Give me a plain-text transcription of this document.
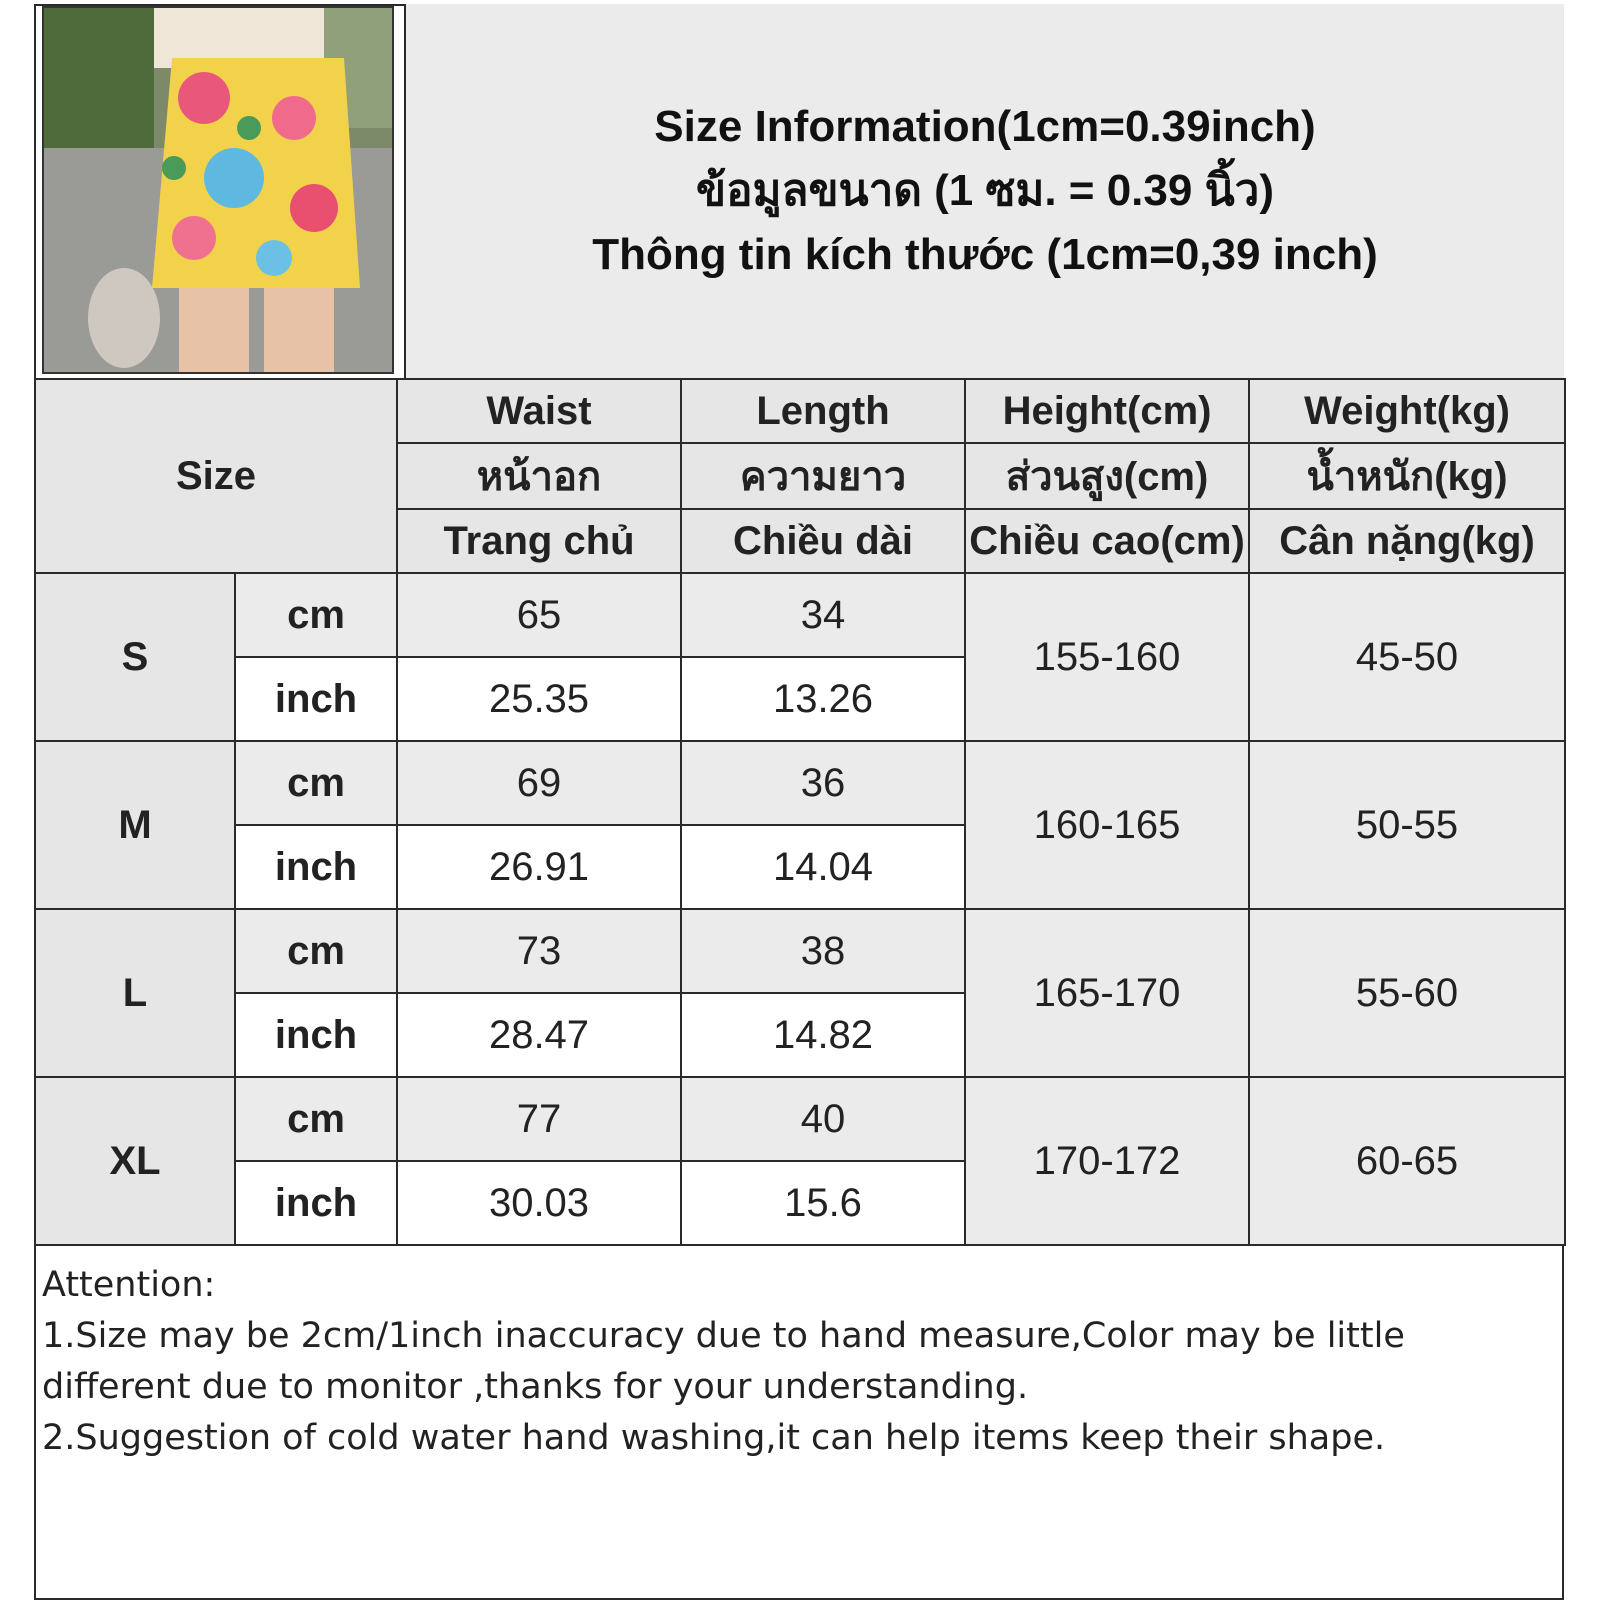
Size Information(1cm=0.39inch)
ข้อมูลขนาด (1 ซม. = 0.39 นิ้ว)
Thông tin kích thước (1cm=0,39 inch)
Size		Waist	Length	Height(cm)	Weight(kg)
		หน้าอก	ความยาว	ส่วนสูง(cm)	น้ำหนัก(kg)
		Trang chủ	Chiều dài	Chiều cao(cm)	Cân nặng(kg)
S	cm	65	34	155-160	45-50
	inch	25.35	13.26		
M	cm	69	36	160-165	50-55
	inch	26.91	14.04		
L	cm	73	38	165-170	55-60
	inch	28.47	14.82		
XL	cm	77	40	170-172	60-65
	inch	30.03	15.6		

Attention:

1.Size may be 2cm/1inch inaccuracy due to hand measure,Color may be little different due to monitor ,thanks for your understanding.

2.Suggestion of cold water hand washing,it can help items keep their shape.
